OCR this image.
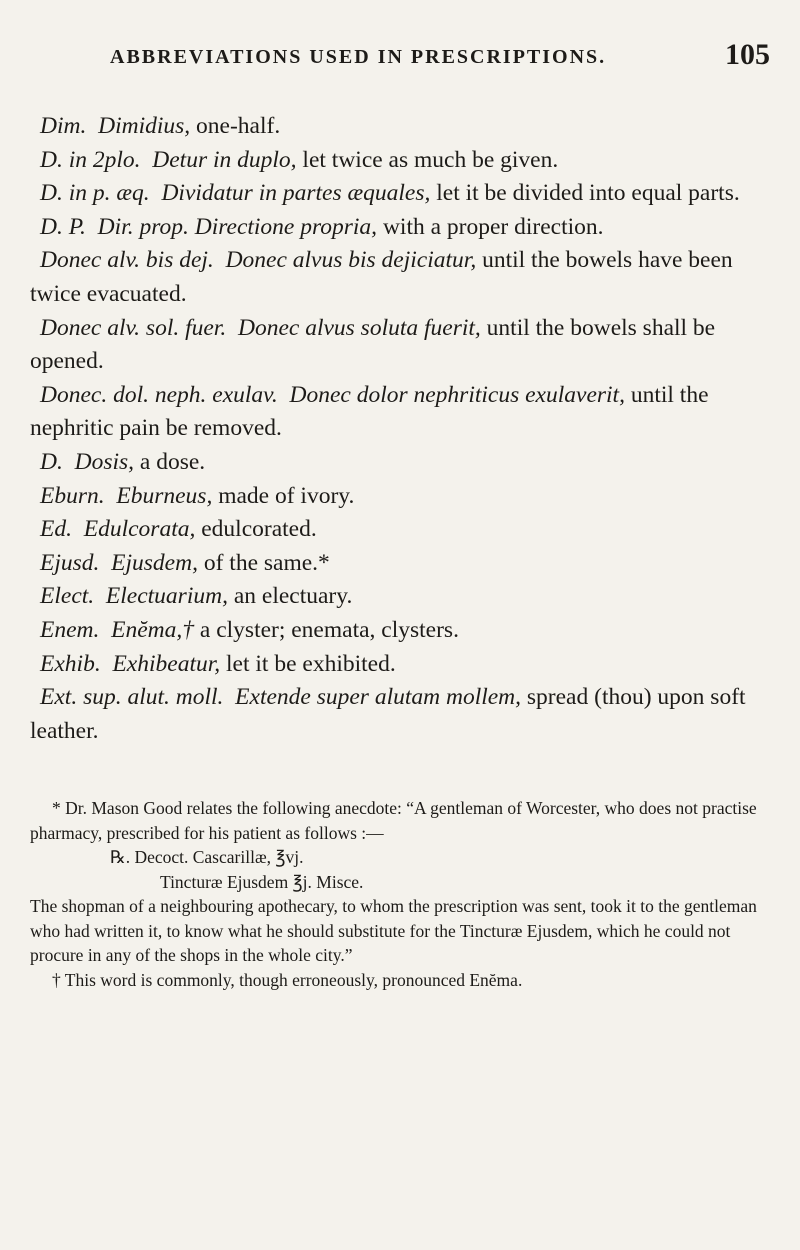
ABBREVIATIONS USED IN PRESCRIPTIONS.	105

Dim. Dimidius, one-half.

D. in 2plo. Detur in duplo, let twice as much be given.

D. in p. æq. Dividatur in partes æquales, let it be divided into equal parts.

D. P. Dir. prop. Directione propria, with a proper direction.

Donec alv. bis dej. Donec alvus bis dejiciatur, until the bowels have been twice evacuated.

Donec alv. sol. fuer. Donec alvus soluta fuerit, until the bowels shall be opened.

Donec. dol. neph. exulav. Donec dolor nephriticus exulaverit, until the nephritic pain be removed.

D. Dosis, a dose.

Eburn. Eburneus, made of ivory.

Ed. Edulcorata, edulcorated.

Ejusd. Ejusdem, of the same.*

Elect. Electuarium, an electuary.

Enem. Enĕma,† a clyster; enemata, clysters.

Exhib. Exhibeatur, let it be exhibited.

Ext. sup. alut. moll. Extende super alutam mollem, spread (thou) upon soft leather.

* Dr. Mason Good relates the following anecdote: “A gentleman of Worcester, who does not practise pharmacy, prescribed for his patient as follows :—

℞. Decoct. Cascarillæ, ℥vj.

Tincturæ Ejusdem ℥j. Misce.

The shopman of a neighbouring apothecary, to whom the prescription was sent, took it to the gentleman who had written it, to know what he should substitute for the Tincturæ Ejusdem, which he could not procure in any of the shops in the whole city.”

† This word is commonly, though erroneously, pronounced Enĕma.
